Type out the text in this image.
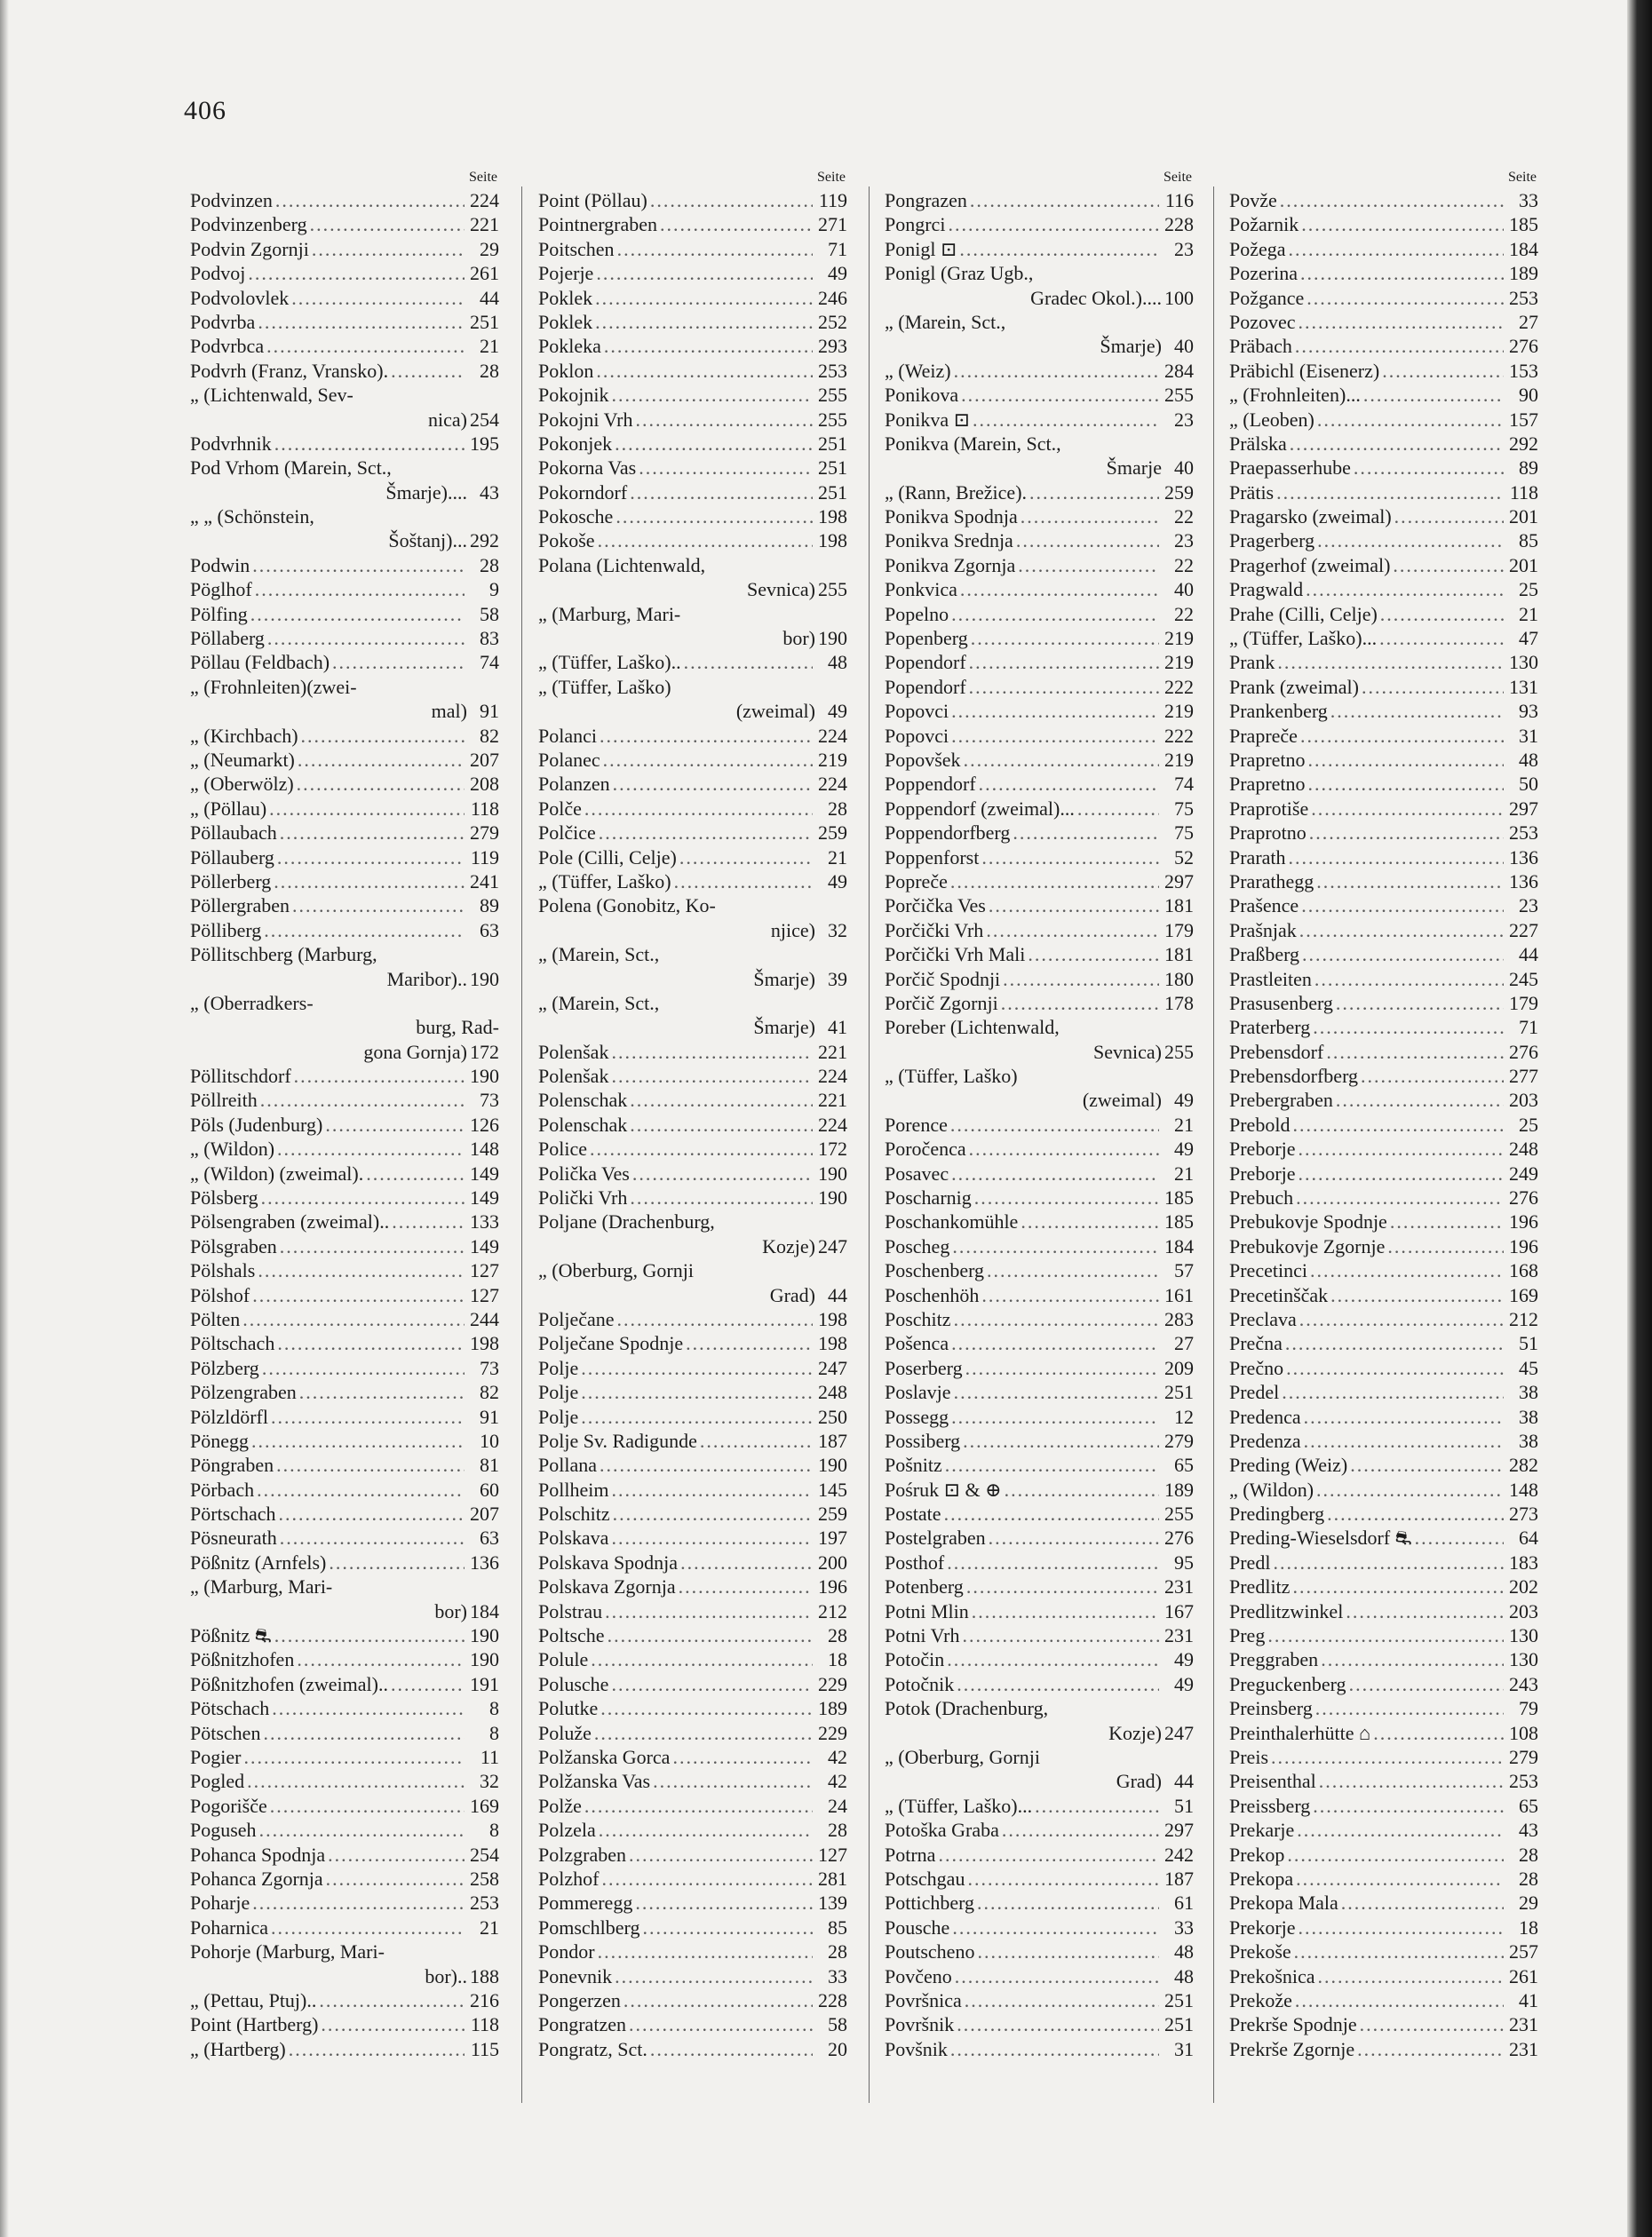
406
Seite
Podvinzen .....	224
Podvinzenberg .....	221
Podvin Zgornji .....	29
Podvoj .....	261
Podvolovlek .....	44
Podvrba .....	251
Podvrbca .....	21
Podvrh (Franz, Vransko). .....	28
„ (Lichtenwald, Sev-
nica) 254
Podvrhnik .....	195
Pod Vrhom (Marein, Sct.,
Šmarje).... 43
„ „ (Schönstein,
Šoštanj)... 292
Podwin .....	28
Pöglhof .....	9
Pölfing .....	58
Pöllaberg .....	83
Pöllau (Feldbach) .....	74
„ (Frohnleiten)(zwei-
mal) 91
„ (Kirchbach) .....	82
„ (Neumarkt) .....	207
„ (Oberwölz) .....	208
„ (Pöllau) .....	118
Pöllaubach .....	279
Pöllauberg .....	119
Pöllerberg .....	241
Pöllergraben .....	89
Pölliberg .....	63
Pöllitschberg (Marburg,
Maribor).. 190
„ (Oberradkers-
burg, Rad-
gona Gornja) 172
Pöllitschdorf .....	190
Pöllreith .....	73
Pöls (Judenburg) .....	126
„ (Wildon) .....	148
„ (Wildon) (zweimal). .....	149
Pölsberg .....	149
Pölsengraben (zweimal).. .....	133
Pölsgraben .....	149
Pölshals .....	127
Pölshof .....	127
Pölten .....	244
Pöltschach .....	198
Pölzberg .....	73
Pölzengraben .....	82
Pölzldörfl .....	91
Pönegg .....	10
Pöngraben .....	81
Pörbach .....	60
Pörtschach .....	207
Pösneurath .....	63
Pößnitz (Arnfels) .....	136
„ (Marburg, Mari-
bor) 184
Pößnitz ⛐ .....	190
Pößnitzhofen .....	190
Pößnitzhofen (zweimal).. .....	191
Pötschach .....	8
Pötschen .....	8
Pogier .....	11
Pogled .....	32
Pogorišče .....	169
Poguseh .....	8
Pohanca Spodnja .....	254
Pohanca Zgornja .....	258
Poharje .....	253
Poharnica .....	21
Pohorje (Marburg, Mari-
bor).. 188
„ (Pettau, Ptuj).. .....	216
Point (Hartberg) .....	118
„ (Hartberg) .....	115
Seite
Point (Pöllau) .....	119
Pointnergraben .....	271
Poitschen .....	71
Pojerje .....	49
Poklek .....	246
Poklek .....	252
Pokleka .....	293
Poklon .....	253
Pokojnik .....	255
Pokojni Vrh .....	255
Pokonjek .....	251
Pokorna Vas .....	251
Pokorndorf .....	251
Pokosche .....	198
Pokoše .....	198
Polana (Lichtenwald,
Sevnica) 255
„ (Marburg, Mari-
bor) 190
„ (Tüffer, Laško).. .....	48
„ (Tüffer, Laško)
(zweimal) 49
Polanci .....	224
Polanec .....	219
Polanzen .....	224
Polče .....	28
Polčice .....	259
Pole (Cilli, Celje) .....	21
„ (Tüffer, Laško) .....	49
Polena (Gonobitz, Ko-
njice) 32
„ (Marein, Sct.,
Šmarje) 39
„ (Marein, Sct.,
Šmarje) 41
Polenšak .....	221
Polenšak .....	224
Polenschak .....	221
Polenschak .....	224
Police .....	172
Polička Ves .....	190
Polički Vrh .....	190
Poljane (Drachenburg,
Kozje) 247
„ (Oberburg, Gornji
Grad) 44
Polječane .....	198
Polječane Spodnje .....	198
Polje .....	247
Polje .....	248
Polje .....	250
Polje Sv. Radigunde .....	187
Pollana .....	190
Pollheim .....	145
Polschitz .....	259
Polskava .....	197
Polskava Spodnja .....	200
Polskava Zgornja .....	196
Polstrau .....	212
Poltsche .....	28
Polule .....	18
Polusche .....	229
Polutke .....	189
Poluže .....	229
Polžanska Gorca .....	42
Polžanska Vas .....	42
Polže .....	24
Polzela .....	28
Polzgraben .....	127
Polzhof .....	281
Pommeregg .....	139
Pomschlberg .....	85
Pondor .....	28
Ponevnik .....	33
Pongerzen .....	228
Pongratzen .....	58
Pongratz, Sct. .....	20
Seite
Pongrazen .....	116
Pongrci .....	228
Ponigl ⊡ .....	23
Ponigl (Graz Ugb.,
Gradec Okol.).... 100
„ (Marein, Sct.,
Šmarje) 40
„ (Weiz) .....	284
Ponikova .....	255
Ponikva ⊡ .....	23
Ponikva (Marein, Sct.,
Šmarje 40
„ (Rann, Brežice). .....	259
Ponikva Spodnja .....	22
Ponikva Srednja .....	23
Ponikva Zgornja .....	22
Ponkvica .....	40
Popelno .....	22
Popenberg .....	219
Popendorf .....	219
Popendorf .....	222
Popovci .....	219
Popovci .....	222
Popovšek .....	219
Poppendorf .....	74
Poppendorf (zweimal)... .....	75
Poppendorfberg .....	75
Poppenforst .....	52
Popreče .....	297
Porčička Ves .....	181
Porčički Vrh .....	179
Porčički Vrh Mali .....	181
Porčič Spodnji .....	180
Porčič Zgornji .....	178
Poreber (Lichtenwald,
Sevnica) 255
„ (Tüffer, Laško)
(zweimal) 49
Porence .....	21
Poročenca .....	49
Posavec .....	21
Poscharnig .....	185
Poschankomühle .....	185
Poscheg .....	184
Poschenberg .....	57
Poschenhöh .....	161
Poschitz .....	283
Pošenca .....	27
Poserberg .....	209
Poslavje .....	251
Possegg .....	12
Possiberg .....	279
Pošnitz .....	65
Pośruk ⊡ & ⊕ .....	189
Postate .....	255
Postelgraben .....	276
Posthof .....	95
Potenberg .....	231
Potni Mlin .....	167
Potni Vrh .....	231
Potočin .....	49
Potočnik .....	49
Potok (Drachenburg,
Kozje) 247
„ (Oberburg, Gornji
Grad) 44
„ (Tüffer, Laško)... .....	51
Potoška Graba .....	297
Potrna .....	242
Potschgau .....	187
Pottichberg .....	61
Pousche .....	33
Poutscheno .....	48
Povčeno .....	48
Površnica .....	251
Površnik .....	251
Povšnik .....	31
Seite
Povže .....	33
Požarnik .....	185
Požega .....	184
Pozerina .....	189
Požgance .....	253
Pozovec .....	27
Präbach .....	276
Präbichl (Eisenerz) .....	153
„ (Frohnleiten)... .....	90
„ (Leoben) .....	157
Prälska .....	292
Praepasserhube .....	89
Prätis .....	118
Pragarsko (zweimal) .....	201
Pragerberg .....	85
Pragerhof (zweimal) .....	201
Pragwald .....	25
Prahe (Cilli, Celje) .....	21
„ (Tüffer, Laško)... .....	47
Prank .....	130
Prank (zweimal) .....	131
Prankenberg .....	93
Prapreče .....	31
Prapretno .....	48
Prapretno .....	50
Praprotiše .....	297
Praprotno .....	253
Prarath .....	136
Prarathegg .....	136
Prašence .....	23
Prašnjak .....	227
Praßberg .....	44
Prastleiten .....	245
Prasusenberg .....	179
Praterberg .....	71
Prebensdorf .....	276
Prebensdorfberg .....	277
Prebergraben .....	203
Prebold .....	25
Preborje .....	248
Preborje .....	249
Prebuch .....	276
Prebukovje Spodnje .....	196
Prebukovje Zgornje .....	196
Precetinci .....	168
Precetinščak .....	169
Preclava .....	212
Prečna .....	51
Prečno .....	45
Predel .....	38
Predenca .....	38
Predenza .....	38
Preding (Weiz) .....	282
„ (Wildon) .....	148
Predingberg .....	273
Preding-Wieselsdorf ⛐ .....	64
Predl .....	183
Predlitz .....	202
Predlitzwinkel .....	203
Preg .....	130
Preggraben .....	130
Preguckenberg .....	243
Preinsberg .....	79
Preinthalerhütte ⌂ .....	108
Preis .....	279
Preisenthal .....	253
Preissberg .....	65
Prekarje .....	43
Prekop .....	28
Prekopa .....	28
Prekopa Mala .....	29
Prekorje .....	18
Prekoše .....	257
Prekošnica .....	261
Prekože .....	41
Prekrše Spodnje .....	231
Prekrše Zgornje .....	231
